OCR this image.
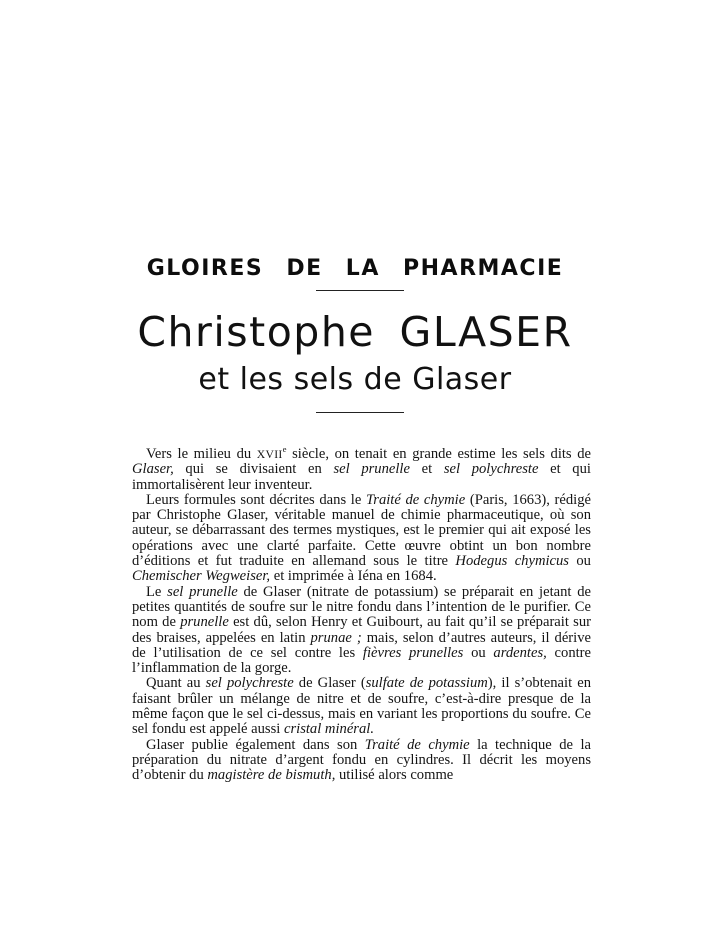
GLOIRES DE LA PHARMACIE
Christophe GLASER
et les sels de Glaser

Vers le milieu du XVIIe siècle, on tenait en grande estime les sels dits de Glaser, qui se divisaient en sel prunelle et sel polychreste et qui immortalisèrent leur inventeur.

Leurs formules sont décrites dans le Traité de chymie (Paris, 1663), rédigé par Christophe Glaser, véritable manuel de chimie pharmaceutique, où son auteur, se débarrassant des termes mystiques, est le premier qui ait exposé les opérations avec une clarté parfaite. Cette œuvre obtint un bon nombre d’éditions et fut traduite en allemand sous le titre Hodegus chymicus ou Chemischer Wegweiser, et imprimée à Iéna en 1684.

Le sel prunelle de Glaser (nitrate de potassium) se préparait en jetant de petites quantités de soufre sur le nitre fondu dans l’intention de le purifier. Ce nom de prunelle est dû, selon Henry et Guibourt, au fait qu’il se préparait sur des braises, appelées en latin prunae ; mais, selon d’autres auteurs, il dérive de l’utilisation de ce sel contre les fièvres prunelles ou ardentes, contre l’inflammation de la gorge.

Quant au sel polychreste de Glaser (sulfate de potassium), il s’obtenait en faisant brûler un mélange de nitre et de soufre, c’est-à-dire presque de la même façon que le sel ci-dessus, mais en variant les proportions du soufre. Ce sel fondu est appelé aussi cristal minéral.

Glaser publie également dans son Traité de chymie la technique de la préparation du nitrate d’argent fondu en cylindres. Il décrit les moyens d’obtenir du magistère de bismuth, utilisé alors comme
